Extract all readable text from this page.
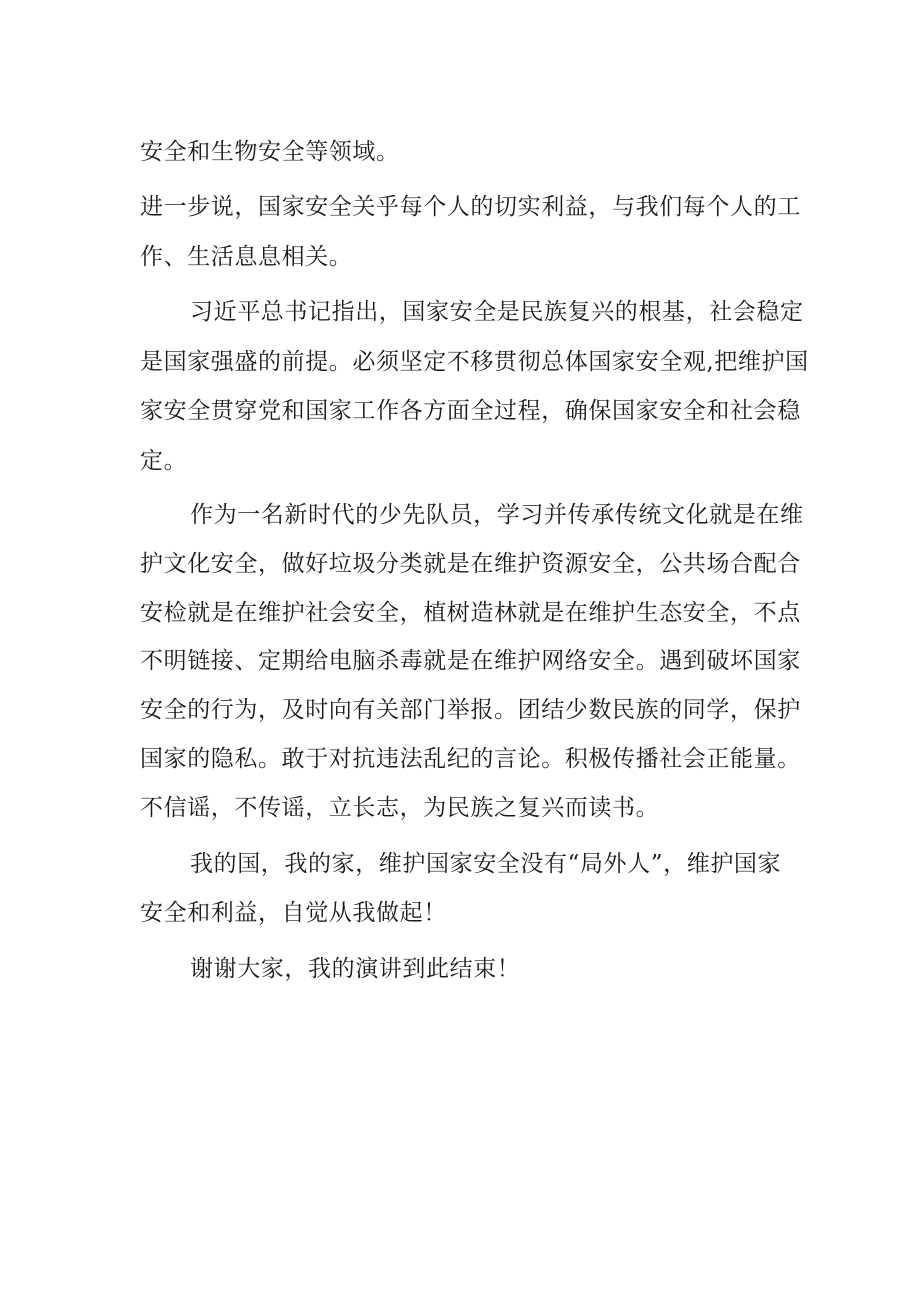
安全和生物安全等领域。
进一步说，国家安全关乎每个人的切实利益，与我们每个人的工
作、生活息息相关。
习近平总书记指出，国家安全是民族复兴的根基，社会稳定
是国家强盛的前提。必须坚定不移贯彻总体国家安全观,把维护国
家安全贯穿党和国家工作各方面全过程，确保国家安全和社会稳
定。
作为一名新时代的少先队员，学习并传承传统文化就是在维
护文化安全，做好垃圾分类就是在维护资源安全，公共场合配合
安检就是在维护社会安全，植树造林就是在维护生态安全，不点
不明链接、定期给电脑杀毒就是在维护网络安全。遇到破坏国家
安全的行为，及时向有关部门举报。团结少数民族的同学，保护
国家的隐私。敢于对抗违法乱纪的言论。积极传播社会正能量。
不信谣，不传谣，立长志，为民族之复兴而读书。
我的国，我的家，维护国家安全没有“局外人”，维护国家
安全和利益，自觉从我做起！
谢谢大家，我的演讲到此结束！
